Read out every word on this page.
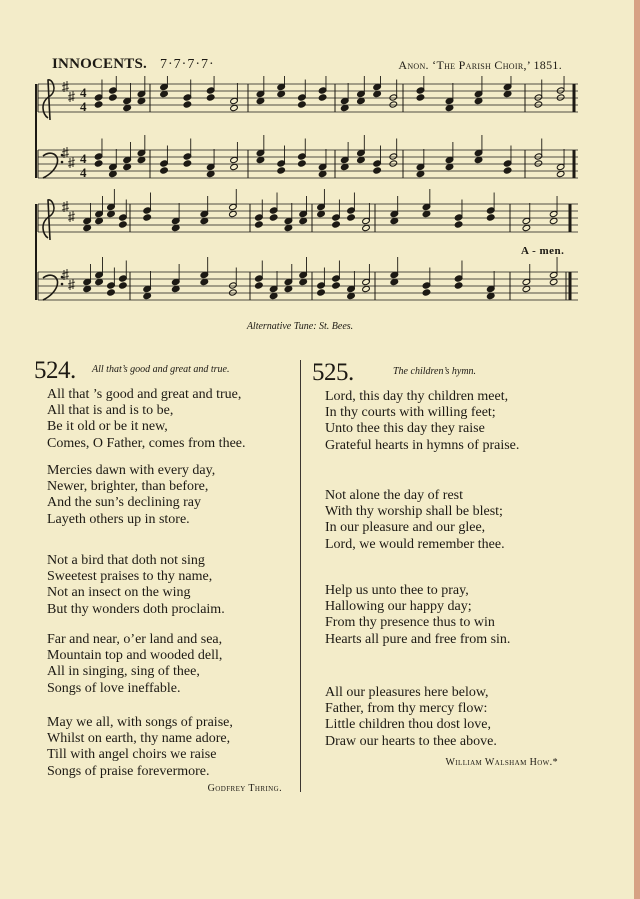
INNOCENTS. 7·7·7·7·	Anon. ‘The Parish Choir,’ 1851.
4
4
4
4
A - men.
Alternative Tune: St. Bees.
524. All that’s good and great and true.
All that ’s good and great and true,
All that is and is to be,
Be it old or be it new,
Comes, O Father, comes from thee.
Mercies dawn with every day,
Newer, brighter, than before,
And the sun’s declining ray
Layeth others up in store.
Not a bird that doth not sing
Sweetest praises to thy name,
Not an insect on the wing
But thy wonders doth proclaim.
Far and near, o’er land and sea,
Mountain top and wooded dell,
All in singing, sing of thee,
Songs of love ineffable.
May we all, with songs of praise,
Whilst on earth, thy name adore,
Till with angel choirs we raise
Songs of praise forevermore.
Godfrey Thring.
525.	The children’s hymn.
Lord, this day thy children meet,
In thy courts with willing feet;
Unto thee this day they raise
Grateful hearts in hymns of praise.
Not alone the day of rest
With thy worship shall be blest;
In our pleasure and our glee,
Lord, we would remember thee.
Help us unto thee to pray,
Hallowing our happy day;
From thy presence thus to win
Hearts all pure and free from sin.
All our pleasures here below,
Father, from thy mercy flow:
Little children thou dost love,
Draw our hearts to thee above.
William Walsham How.*
